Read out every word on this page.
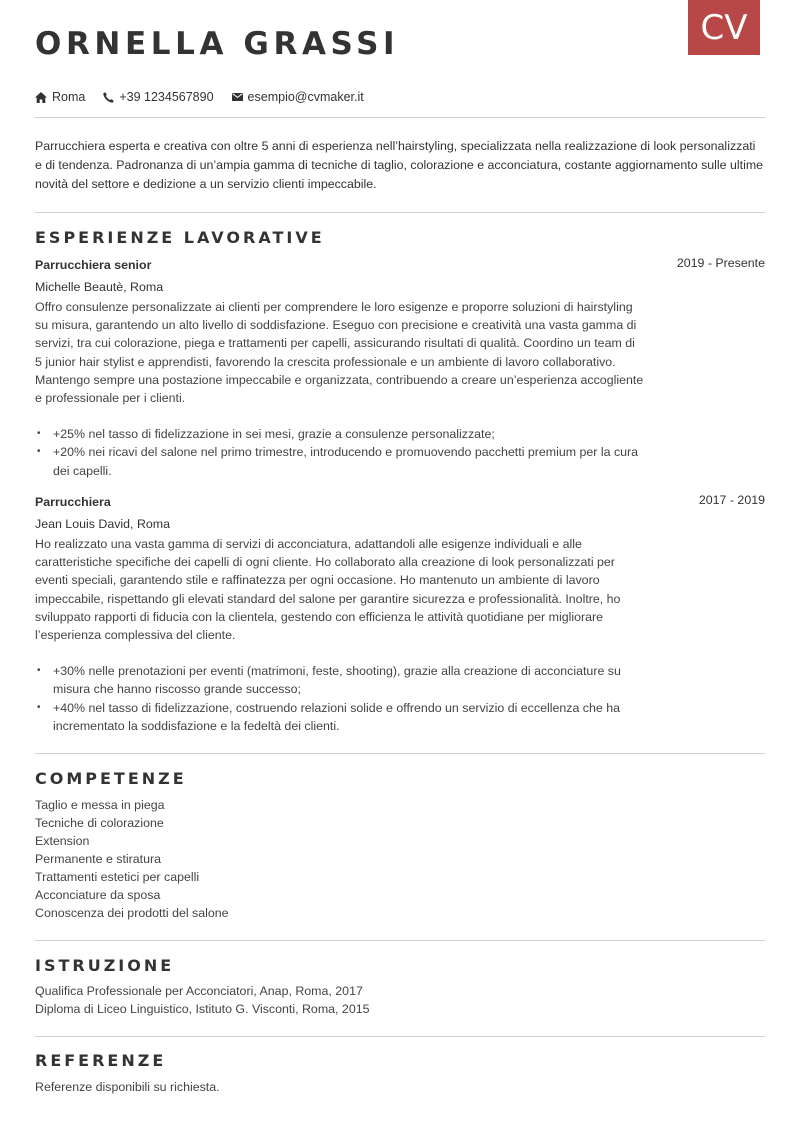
CV
ORNELLA GRASSI
Roma	+39 1234567890	esempio@cvmaker.it
Parrucchiera esperta e creativa con oltre 5 anni di esperienza nell’hairstyling, specializzata nella realizzazione di look personalizzati e di tendenza. Padronanza di un’ampia gamma di tecniche di taglio, colorazione e acconciatura, costante aggiornamento sulle ultime novità del settore e dedizione a un servizio clienti impeccabile.
ESPERIENZE LAVORATIVE
Parrucchiera senior	2019 - Presente
Michelle Beautè, Roma
Offro consulenze personalizzate ai clienti per comprendere le loro esigenze e proporre soluzioni di hairstyling su misura, garantendo un alto livello di soddisfazione. Eseguo con precisione e creatività una vasta gamma di servizi, tra cui colorazione, piega e trattamenti per capelli, assicurando risultati di qualità. Coordino un team di 5 junior hair stylist e apprendisti, favorendo la crescita professionale e un ambiente di lavoro collaborativo. Mantengo sempre una postazione impeccabile e organizzata, contribuendo a creare un’esperienza accogliente e professionale per i clienti.
• +25% nel tasso di fidelizzazione in sei mesi, grazie a consulenze personalizzate;
• +20% nei ricavi del salone nel primo trimestre, introducendo e promuovendo pacchetti premium per la cura dei capelli.
Parrucchiera	2017 - 2019
Jean Louis David, Roma
Ho realizzato una vasta gamma di servizi di acconciatura, adattandoli alle esigenze individuali e alle caratteristiche specifiche dei capelli di ogni cliente. Ho collaborato alla creazione di look personalizzati per eventi speciali, garantendo stile e raffinatezza per ogni occasione. Ho mantenuto un ambiente di lavoro impeccabile, rispettando gli elevati standard del salone per garantire sicurezza e professionalità. Inoltre, ho sviluppato rapporti di fiducia con la clientela, gestendo con efficienza le attività quotidiane per migliorare l’esperienza complessiva del cliente.
• +30% nelle prenotazioni per eventi (matrimoni, feste, shooting), grazie alla creazione di acconciature su misura che hanno riscosso grande successo;
• +40% nel tasso di fidelizzazione, costruendo relazioni solide e offrendo un servizio di eccellenza che ha incrementato la soddisfazione e la fedeltà dei clienti.
COMPETENZE
Taglio e messa in piega
Tecniche di colorazione
Extension
Permanente e stiratura
Trattamenti estetici per capelli
Acconciature da sposa
Conoscenza dei prodotti del salone
ISTRUZIONE
Qualifica Professionale per Acconciatori, Anap, Roma, 2017
Diploma di Liceo Linguistico, Istituto G. Visconti, Roma, 2015
REFERENZE
Referenze disponibili su richiesta.
